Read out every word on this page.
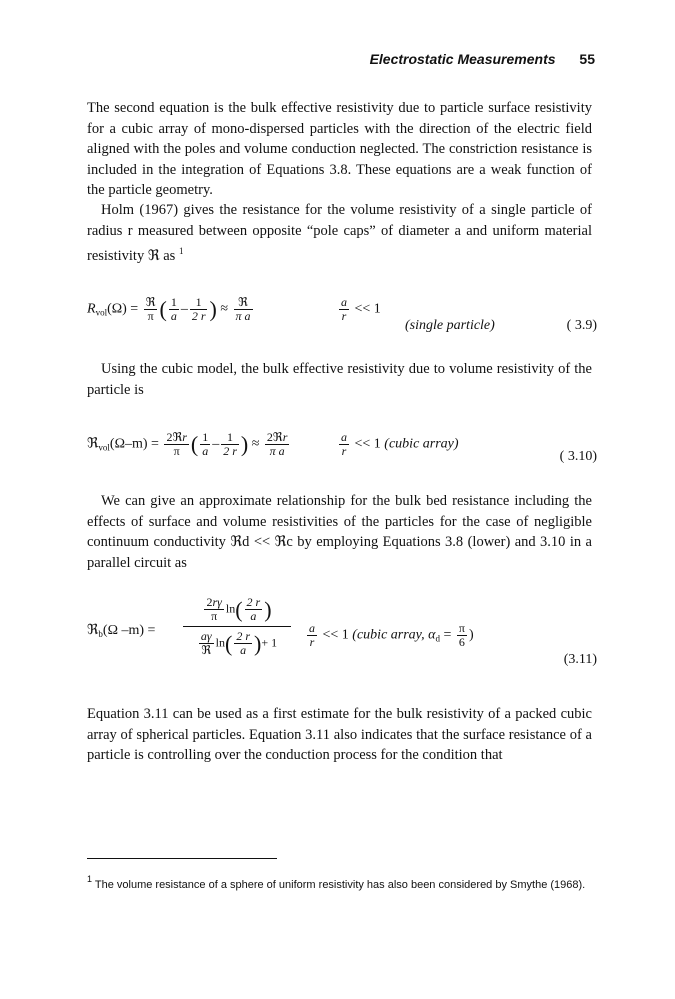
Electrostatic Measurements 55
The second equation is the bulk effective resistivity due to particle surface resistivity for a cubic array of mono-dispersed particles with the direction of the electric field aligned with the poles and volume conduction neglected. The constriction resistance is included in the integration of Equations 3.8. These equations are a weak function of the particle geometry.
Holm (1967) gives the resistance for the volume resistivity of a single particle of radius r measured between opposite “pole caps” of diameter a and uniform material resistivity ℜ as $^1$
$R_{vol}(\Omega) = \frac{\text{ℜ}}{\pi}$ ( $\frac{1}{a} - \frac{1}{2 r}$ ) ≈ $\frac{\text{ℜ}}{\text{π a}}$	$\frac{a}{r} << 1$
(single particle)	( 3.9)
Using the cubic model, the bulk effective resistivity due to volume resistivity of the particle is
ℜ$_{vol}$(Ω–m) = $\frac{\text{2ℜr}}{\pi}$ ( $\frac{1}{a} - \frac{1}{2 r}$ ) ≈ $\frac{\text{2ℜr}}{\text{π a}}$	$\frac{a}{r} << 1$ (cubic array)
( 3.10)
We can give an approximate relationship for the bulk bed resistance including the effects of surface and volume resistivities of the particles for the case of negligible continuum conductivity ℜd << ℜc by employing Equations 3.8 (lower) and 3.10 in a parallel circuit as
ℜ$_b$(Ω –m) =
$\frac{2r\gamma}{\pi} \ln( \frac{2 r}{a}$ )
$\frac{a\gamma}{\text{ℜ}} \ln( \frac{2 r}{a}$ )+ 1	$\frac{a}{r} << 1$ (cubic array, $\alpha_d = \frac{\pi}{6}$ )
(3.11)
Equation 3.11 can be used as a first estimate for the bulk resistivity of a packed cubic array of spherical particles. Equation 3.11 also indicates that the surface resistance of a particle is controlling over the conduction process for the condition that
$^1$ The volume resistance of a sphere of uniform resistivity has also been considered by Smythe (1968).
